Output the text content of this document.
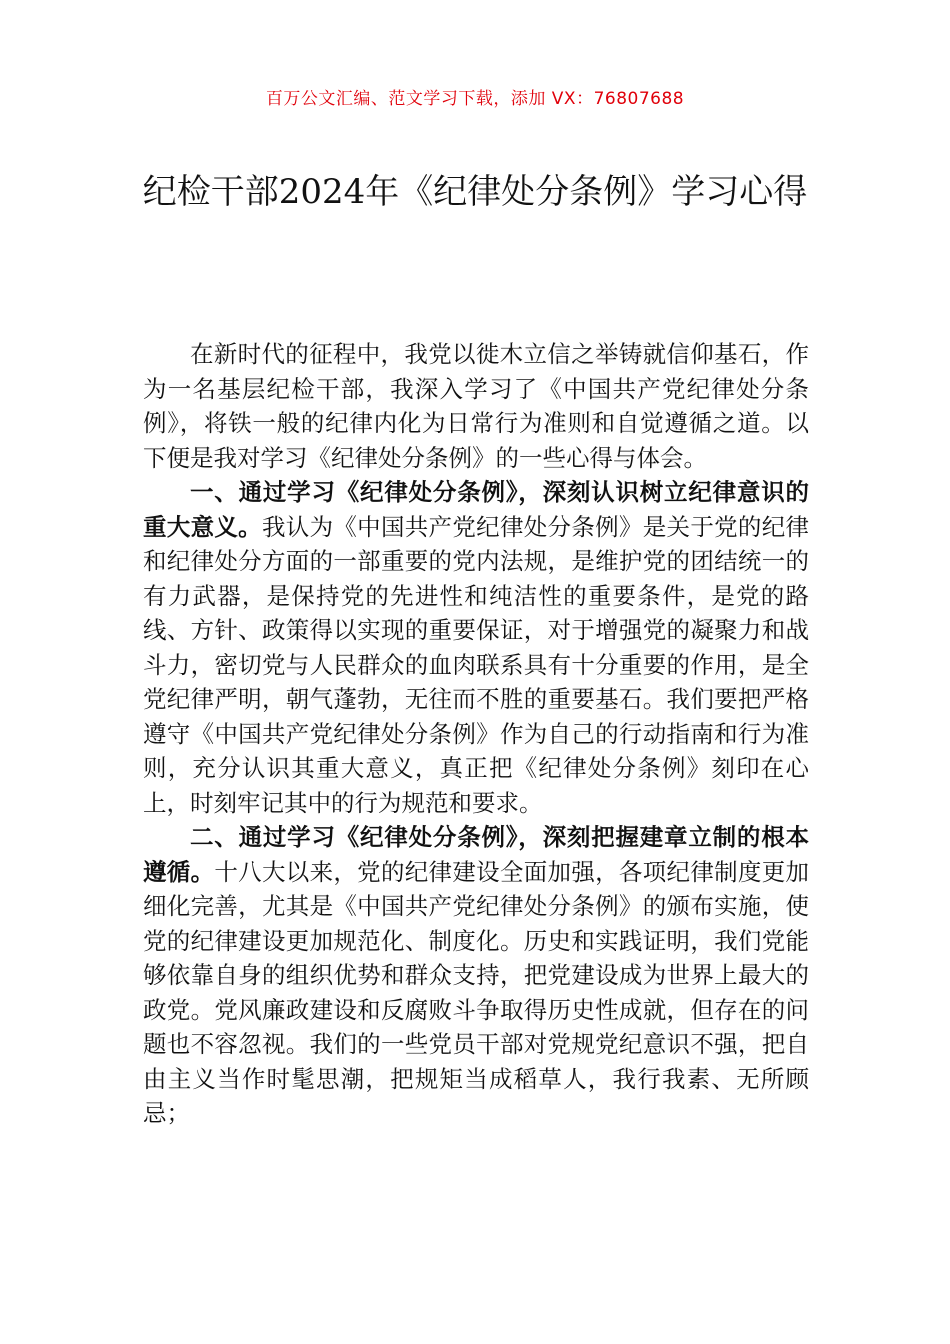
百万公文汇编、范文学习下载，添加 VX：76807688
纪检干部2024年《纪律处分条例》学习心得

在新时代的征程中，我党以徙木立信之举铸就信仰基石，作为一名基层纪检干部，我深入学习了《中国共产党纪律处分条例》，将铁一般的纪律内化为日常行为准则和自觉遵循之道。以下便是我对学习《纪律处分条例》的一些心得与体会。

一、通过学习《纪律处分条例》，深刻认识树立纪律意识的重大意义。我认为《中国共产党纪律处分条例》是关于党的纪律和纪律处分方面的一部重要的党内法规，是维护党的团结统一的有力武器，是保持党的先进性和纯洁性的重要条件，是党的路线、方针、政策得以实现的重要保证，对于增强党的凝聚力和战斗力，密切党与人民群众的血肉联系具有十分重要的作用，是全党纪律严明，朝气蓬勃，无往而不胜的重要基石。我们要把严格遵守《中国共产党纪律处分条例》作为自己的行动指南和行为准则，充分认识其重大意义，真正把《纪律处分条例》刻印在心上，时刻牢记其中的行为规范和要求。

二、通过学习《纪律处分条例》，深刻把握建章立制的根本遵循。十八大以来，党的纪律建设全面加强，各项纪律制度更加细化完善，尤其是《中国共产党纪律处分条例》的颁布实施，使党的纪律建设更加规范化、制度化。历史和实践证明，我们党能够依靠自身的组织优势和群众支持，把党建设成为世界上最大的政党。党风廉政建设和反腐败斗争取得历史性成就，但存在的问题也不容忽视。我们的一些党员干部对党规党纪意识不强，把自由主义当作时髦思潮，把规矩当成稻草人，我行我素、无所顾忌；
